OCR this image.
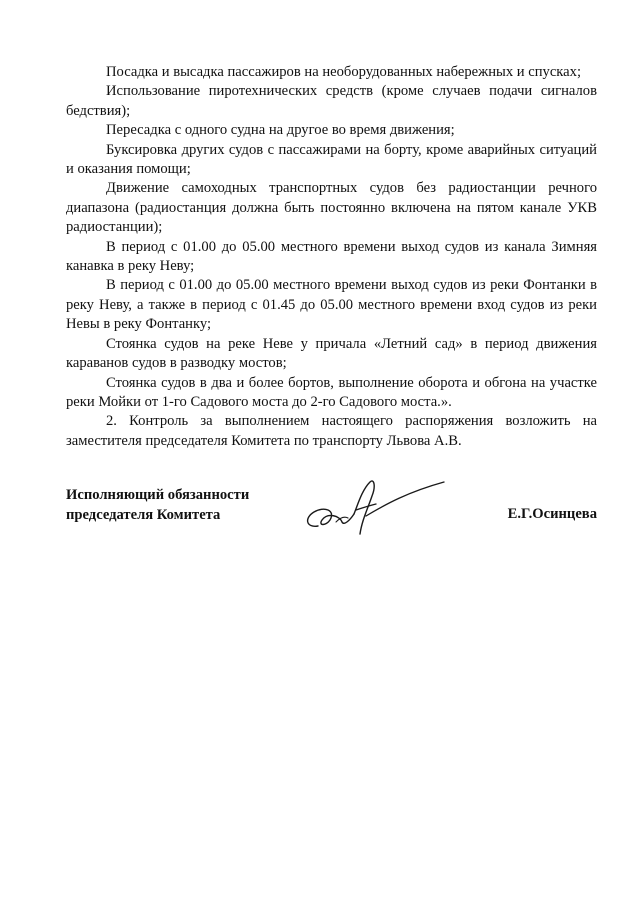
Посадка и высадка пассажиров на необорудованных набережных и спусках;

Использование пиротехнических средств (кроме случаев подачи сигналов бедствия);

Пересадка с одного судна на другое во время движения;

Буксировка других судов с пассажирами на борту, кроме аварийных ситуаций и оказания помощи;

Движение самоходных транспортных судов без радиостанции речного диапазона (радиостанция должна быть постоянно включена на пятом канале УКВ радиостанции);

В период с 01.00 до 05.00 местного времени выход судов из канала Зимняя канавка в реку Неву;

В период с 01.00 до 05.00 местного времени выход судов из реки Фонтанки в реку Неву, а также в период с 01.45 до 05.00 местного времени вход судов из реки Невы в реку Фонтанку;

Стоянка судов на реке Неве у причала «Летний сад» в период движения караванов судов в разводку мостов;

Стоянка судов в два и более бортов, выполнение оборота и обгона на участке реки Мойки от 1-го Садового моста до 2-го Садового моста.».

2. Контроль за выполнением настоящего распоряжения возложить на заместителя председателя Комитета по транспорту Львова А.В.

Исполняющий обязанности
председателя Комитета	Е.Г.Осинцева
